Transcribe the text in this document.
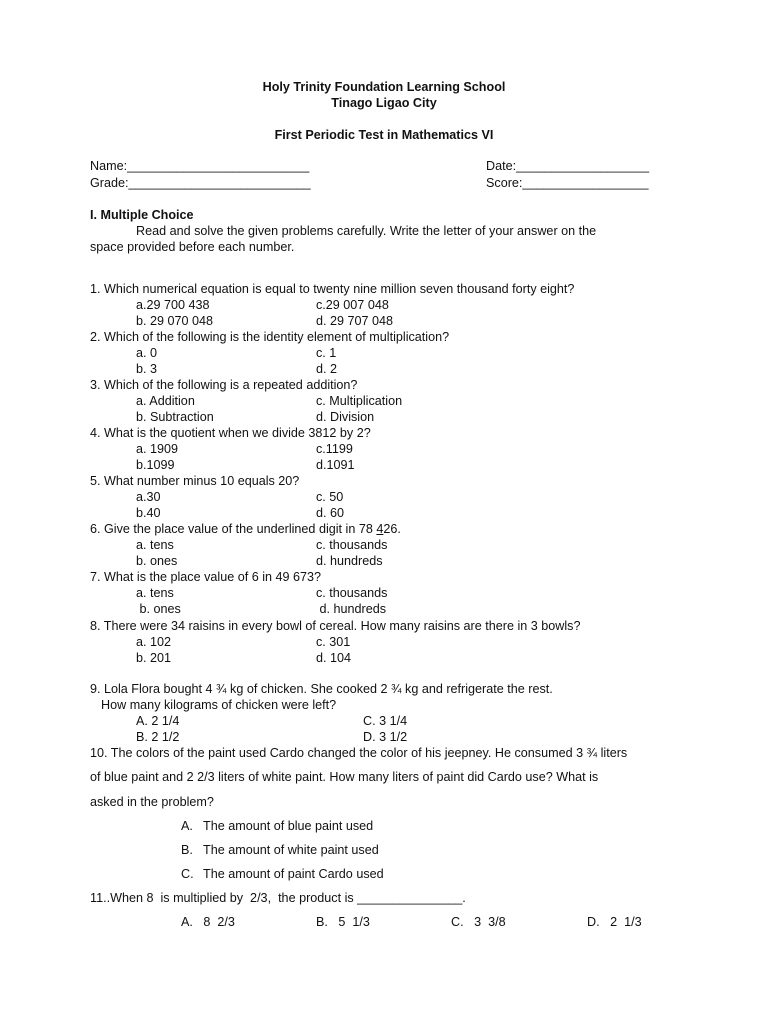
Holy Trinity Foundation Learning School
Tinago Ligao City
First Periodic Test in Mathematics VI
Name:__________________________	Date:___________________
Grade:__________________________	Score:__________________
I. Multiple Choice
Read and solve the given problems carefully. Write the letter of your answer on the
space provided before each number.
1. Which numerical equation is equal to twenty nine million seven thousand forty eight?
a.29 700 438	c.29 007 048
b. 29 070 048	d. 29 707 048
2. Which of the following is the identity element of multiplication?
a. 0	c. 1
b. 3	d. 2
3. Which of the following is a repeated addition?
a. Addition	c. Multiplication
b. Subtraction	d. Division
4. What is the quotient when we divide 3812 by 2?
a. 1909	c.1199
b.1099	d.1091
5. What number minus 10 equals 20?
a.30	c. 50
b.40	d. 60
6. Give the place value of the underlined digit in 78 426.
a. tens	c. thousands
b. ones	d. hundreds
7. What is the place value of 6 in 49 673?
a. tens	c. thousands
b. ones	d. hundreds
8. There were 34 raisins in every bowl of cereal. How many raisins are there in 3 bowls?
a. 102	c. 301
b. 201	d. 104
9. Lola Flora bought 4 ¾ kg of chicken. She cooked 2 ¾ kg and refrigerate the rest.
How many kilograms of chicken were left?
A. 2 1/4	C. 3 1/4
B. 2 1/2	D. 3 1/2
10. The colors of the paint used Cardo changed the color of his jeepney. He consumed 3 ¾ liters
of blue paint and 2 2/3 liters of white paint. How many liters of paint did Cardo use? What is
asked in the problem?
A. The amount of blue paint used
B. The amount of white paint used
C. The amount of paint Cardo used
11..When 8  is multiplied by  2/3,  the product is _______________.
A.   8  2/3	B.   5  1/3	C.   3  3/8	D.   2  1/3
